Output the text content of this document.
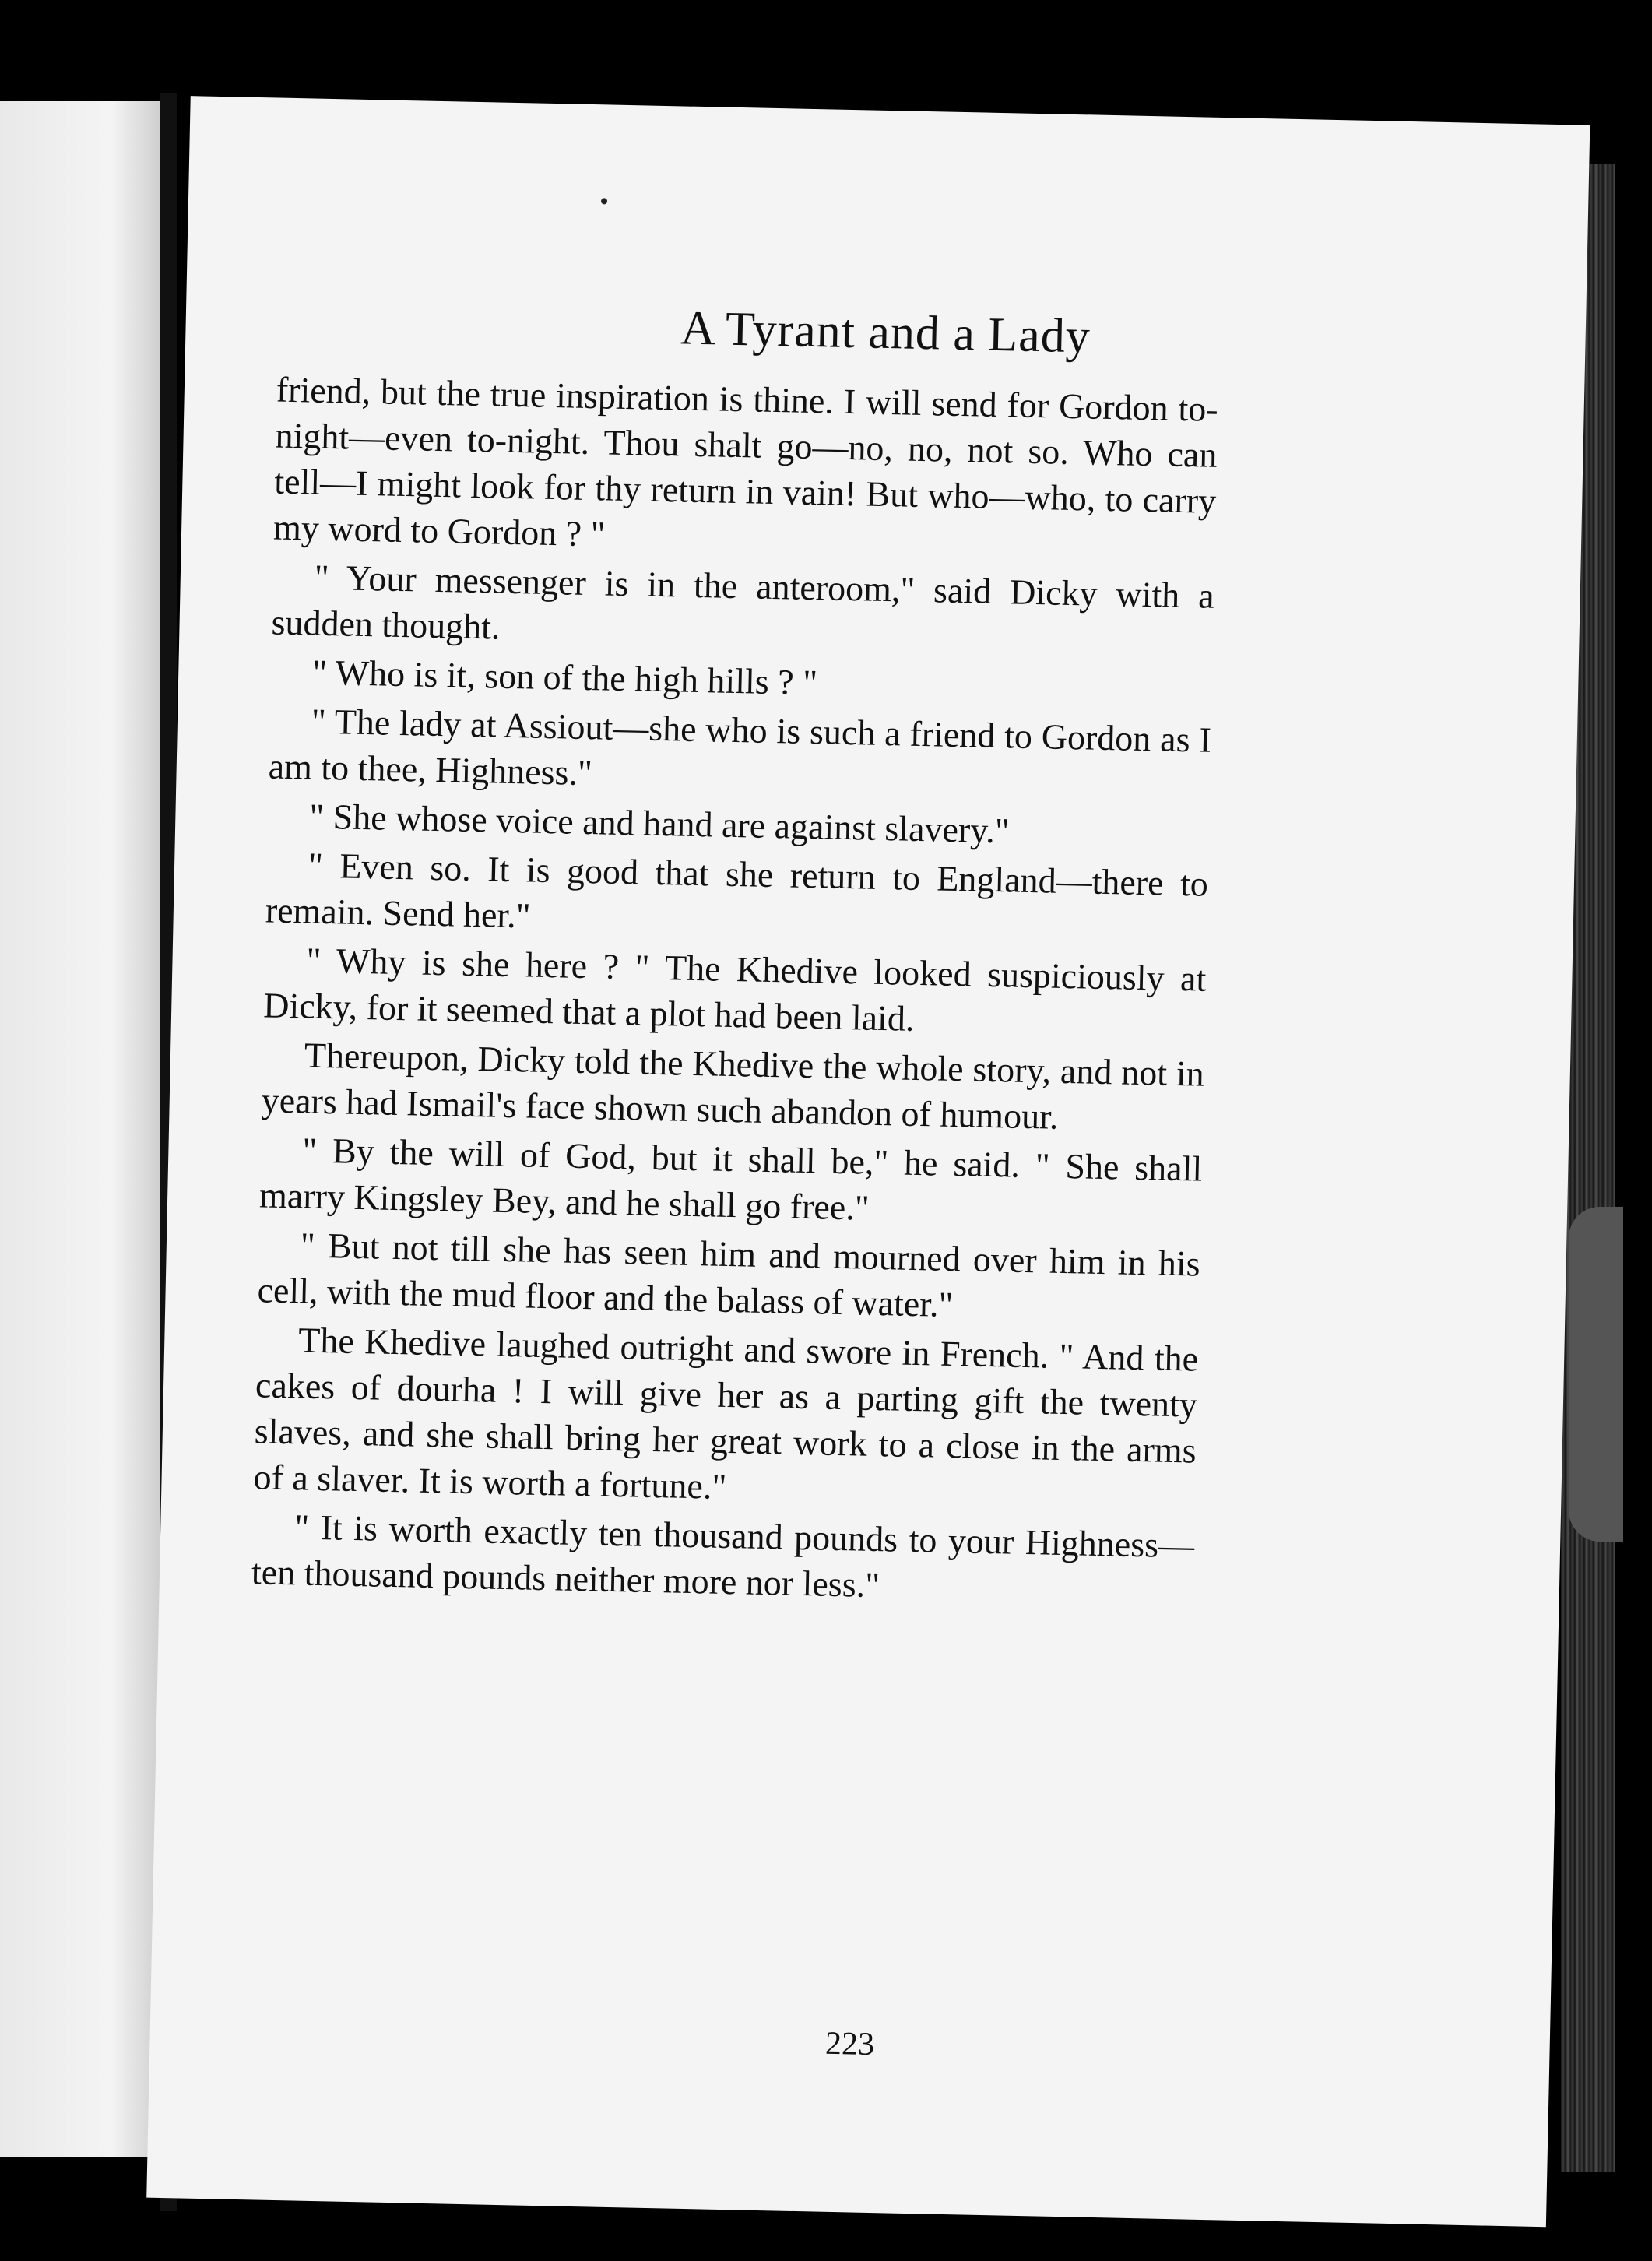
A Tyrant and a Lady

friend, but the true inspiration is thine. I will send for Gordon to-night—even to-night. Thou shalt go—no, no, not so. Who can tell—I might look for thy return in vain! But who—who, to carry my word to Gordon ? "

" Your messenger is in the anteroom," said Dicky with a sudden thought.

" Who is it, son of the high hills ? "

" The lady at Assiout—she who is such a friend to Gordon as I am to thee, Highness."

" She whose voice and hand are against slavery."

" Even so. It is good that she return to England—there to remain. Send her."

" Why is she here ? " The Khedive looked suspiciously at Dicky, for it seemed that a plot had been laid.

Thereupon, Dicky told the Khedive the whole story, and not in years had Ismail's face shown such abandon of humour.

" By the will of God, but it shall be," he said. " She shall marry Kingsley Bey, and he shall go free."

" But not till she has seen him and mourned over him in his cell, with the mud floor and the balass of water."

The Khedive laughed outright and swore in French. " And the cakes of dourha ! I will give her as a parting gift the twenty slaves, and she shall bring her great work to a close in the arms of a slaver. It is worth a fortune."

" It is worth exactly ten thousand pounds to your Highness—ten thousand pounds neither more nor less."

223
